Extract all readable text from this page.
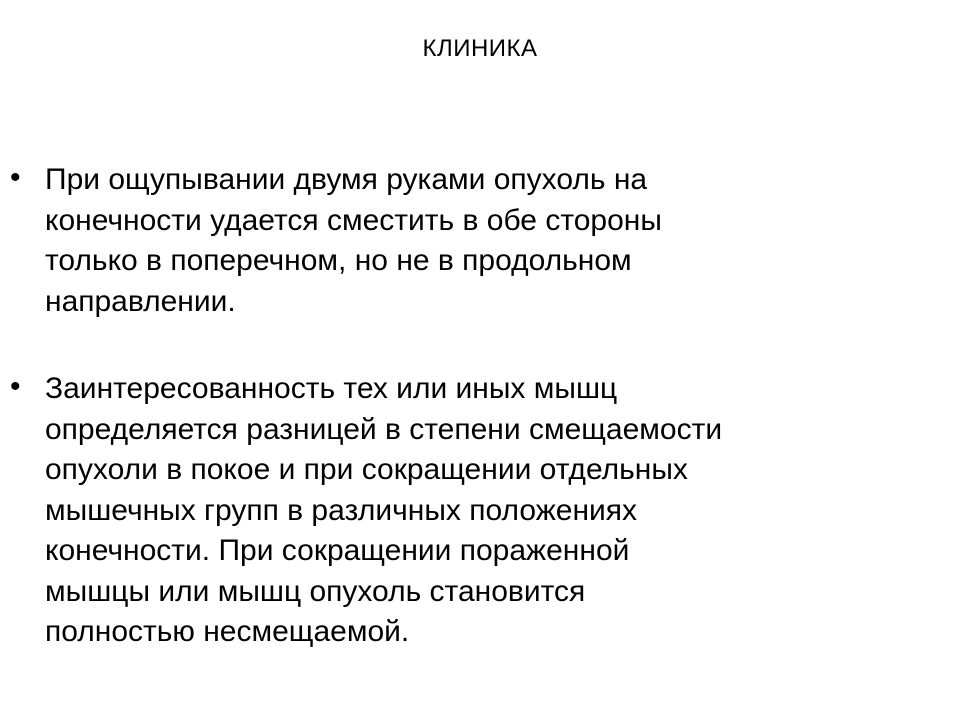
КЛИНИКА
• При ощупывании двумя руками опухоль на
конечности удается сместить в обе стороны
только в поперечном, но не в продольном
направлении.
• Заинтересованность тех или иных мышц
определяется разницей в степени смещаемости
опухоли в покое и при сокращении отдельных
мышечных групп в различных положениях
конечности. При сокращении пораженной
мышцы или мышц опухоль становится
полностью несмещаемой.
